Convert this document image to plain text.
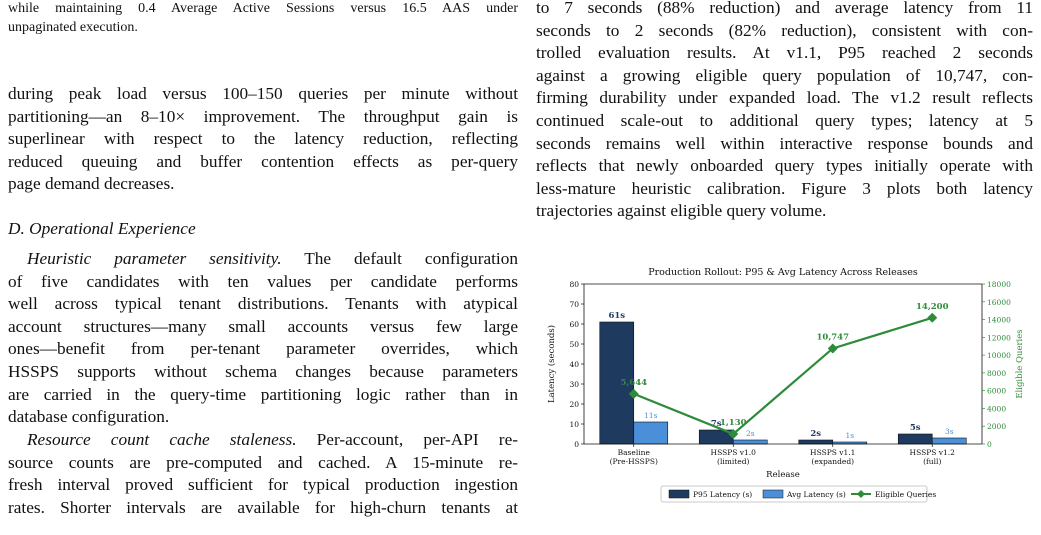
while maintaining 0.4 Average Active Sessions versus 16.5 AAS under
unpaginated execution.
during peak load versus 100–150 queries per minute without
partitioning—an 8–10× improvement. The throughput gain is
superlinear with respect to the latency reduction, reflecting
reduced queuing and buffer contention effects as per-query
page demand decreases.
D. Operational Experience
Heuristic parameter sensitivity. The default configuration
of five candidates with ten values per candidate performs
well across typical tenant distributions. Tenants with atypical
account structures—many small accounts versus few large
ones—benefit from per-tenant parameter overrides, which
HSSPS supports without schema changes because parameters
are carried in the query-time partitioning logic rather than in
database configuration.
Resource count cache staleness. Per-account, per-API re-
source counts are pre-computed and cached. A 15-minute re-
fresh interval proved sufficient for typical production ingestion
rates. Shorter intervals are available for high-churn tenants at
to 7 seconds (88% reduction) and average latency from 11
seconds to 2 seconds (82% reduction), consistent with con-
trolled evaluation results. At v1.1, P95 reached 2 seconds
against a growing eligible query population of 10,747, con-
firming durability under expanded load. The v1.2 result reflects
continued scale-out to additional query types; latency at 5
seconds remains well within interactive response bounds and
reflects that newly onboarded query types initially operate with
less-mature heuristic calibration. Figure 3 plots both latency
trajectories against eligible query volume.
Production Rollout: P95 & Avg Latency Across Releases
61s
11s
7s
2s	2s	1s
5s	3s
5,644
1,130
10,747
14,200
0
10
20
30
40
50
60
70
80
0
2000
4000
6000
8000
10000
12000
14000
16000
18000
Latency (seconds)	Eligible Queries
Baseline
(Pre-HSSPS)
HSSPS v1.0
(limited)
HSSPS v1.1
(expanded)
HSSPS v1.2
(full)
Release
P95 Latency (s)	Avg Latency (s)	Eligible Queries
